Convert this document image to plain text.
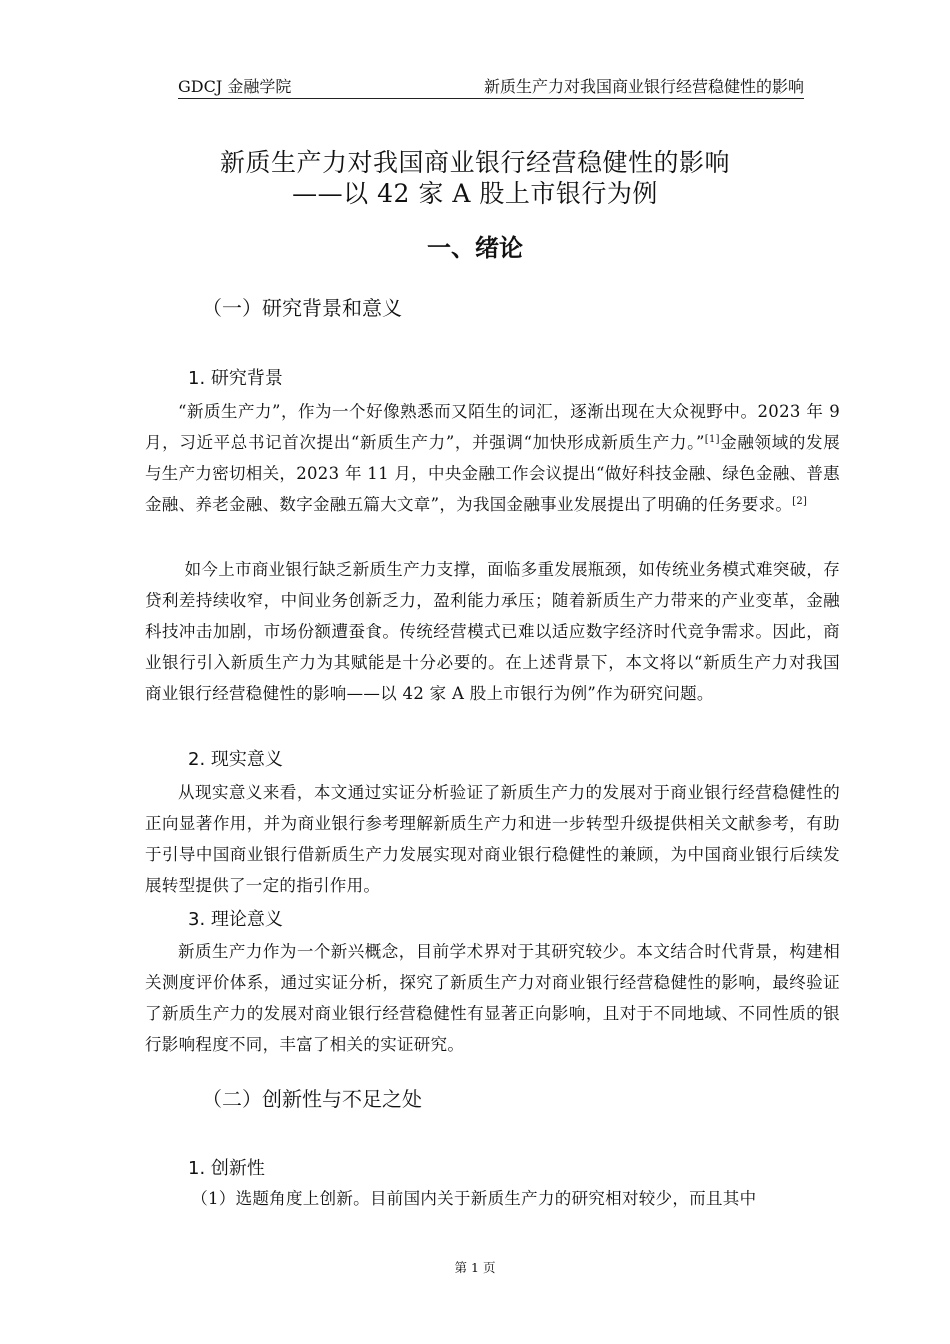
GDCJ 金融学院	新质生产力对我国商业银行经营稳健性的影响
新质生产力对我国商业银行经营稳健性的影响
——以 42 家 A 股上市银行为例
一、绪论
（一）研究背景和意义
1. 研究背景
“新质生产力”，作为一个好像熟悉而又陌生的词汇，逐渐出现在大众视野中。2023 年 9 月，习近平总书记首次提出“新质生产力”，并强调“加快形成新质生产力。”[1]金融领域的发展与生产力密切相关，2023 年 11 月，中央金融工作会议提出“做好科技金融、绿色金融、普惠金融、养老金融、数字金融五篇大文章”，为我国金融事业发展提出了明确的任务要求。[2]
如今上市商业银行缺乏新质生产力支撑，面临多重发展瓶颈，如传统业务模式难突破，存贷利差持续收窄，中间业务创新乏力，盈利能力承压；随着新质生产力带来的产业变革，金融科技冲击加剧，市场份额遭蚕食。传统经营模式已难以适应数字经济时代竞争需求。因此，商业银行引入新质生产力为其赋能是十分必要的。在上述背景下，本文将以“新质生产力对我国商业银行经营稳健性的影响——以 42 家 A 股上市银行为例”作为研究问题。
2. 现实意义
从现实意义来看，本文通过实证分析验证了新质生产力的发展对于商业银行经营稳健性的正向显著作用，并为商业银行参考理解新质生产力和进一步转型升级提供相关文献参考，有助于引导中国商业银行借新质生产力发展实现对商业银行稳健性的兼顾，为中国商业银行后续发展转型提供了一定的指引作用。
3. 理论意义
新质生产力作为一个新兴概念，目前学术界对于其研究较少。本文结合时代背景，构建相关测度评价体系，通过实证分析，探究了新质生产力对商业银行经营稳健性的影响，最终验证了新质生产力的发展对商业银行经营稳健性有显著正向影响，且对于不同地域、不同性质的银行影响程度不同，丰富了相关的实证研究。
（二）创新性与不足之处
1. 创新性
（1）选题角度上创新。目前国内关于新质生产力的研究相对较少，而且其中
第 1 页
